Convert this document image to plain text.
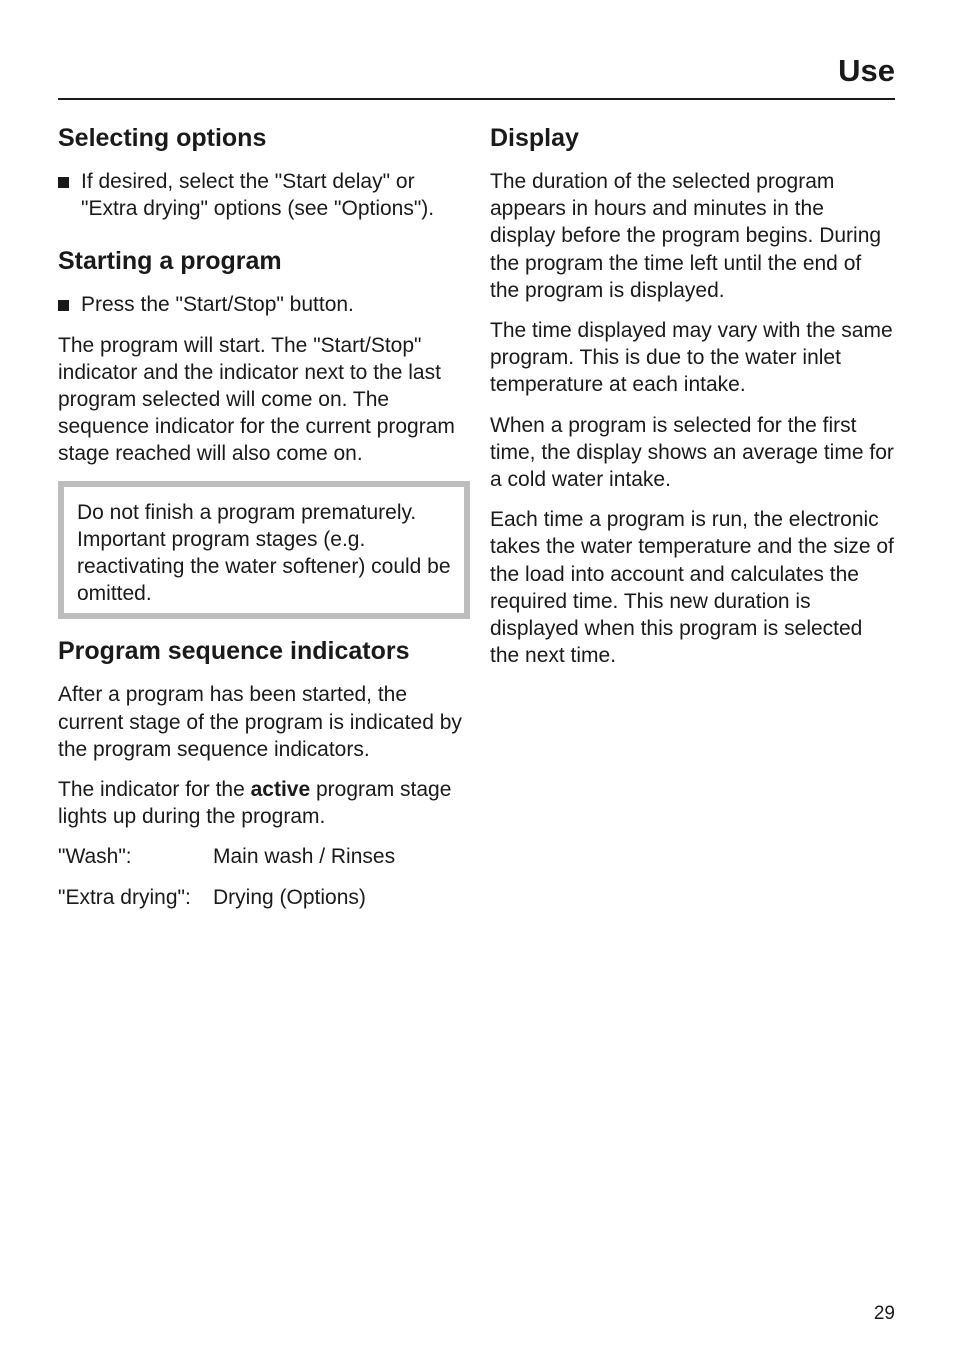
Use
Selecting options
If desired, select the "Start delay" or "Extra drying" options (see "Options").
Starting a program
Press the "Start/Stop" button.

The program will start. The "Start/Stop" indicator and the indicator next to the last program selected will come on. The sequence indicator for the current program stage reached will also come on.

Do not finish a program prematurely. Important program stages (e.g. reactivating the water softener) could be omitted.

Program sequence indicators

After a program has been started, the current stage of the program is indicated by the program sequence indicators.

The indicator for the active program stage lights up during the program.

"Wash":	Main wash / Rinses
"Extra drying":	Drying (Options)
Display

The duration of the selected program appears in hours and minutes in the display before the program begins. During the program the time left until the end of the program is displayed.

The time displayed may vary with the same program. This is due to the water inlet temperature at each intake.

When a program is selected for the first time, the display shows an average time for a cold water intake.

Each time a program is run, the electronic takes the water temperature and the size of the load into account and calculates the required time. This new duration is displayed when this program is selected the next time.

29
